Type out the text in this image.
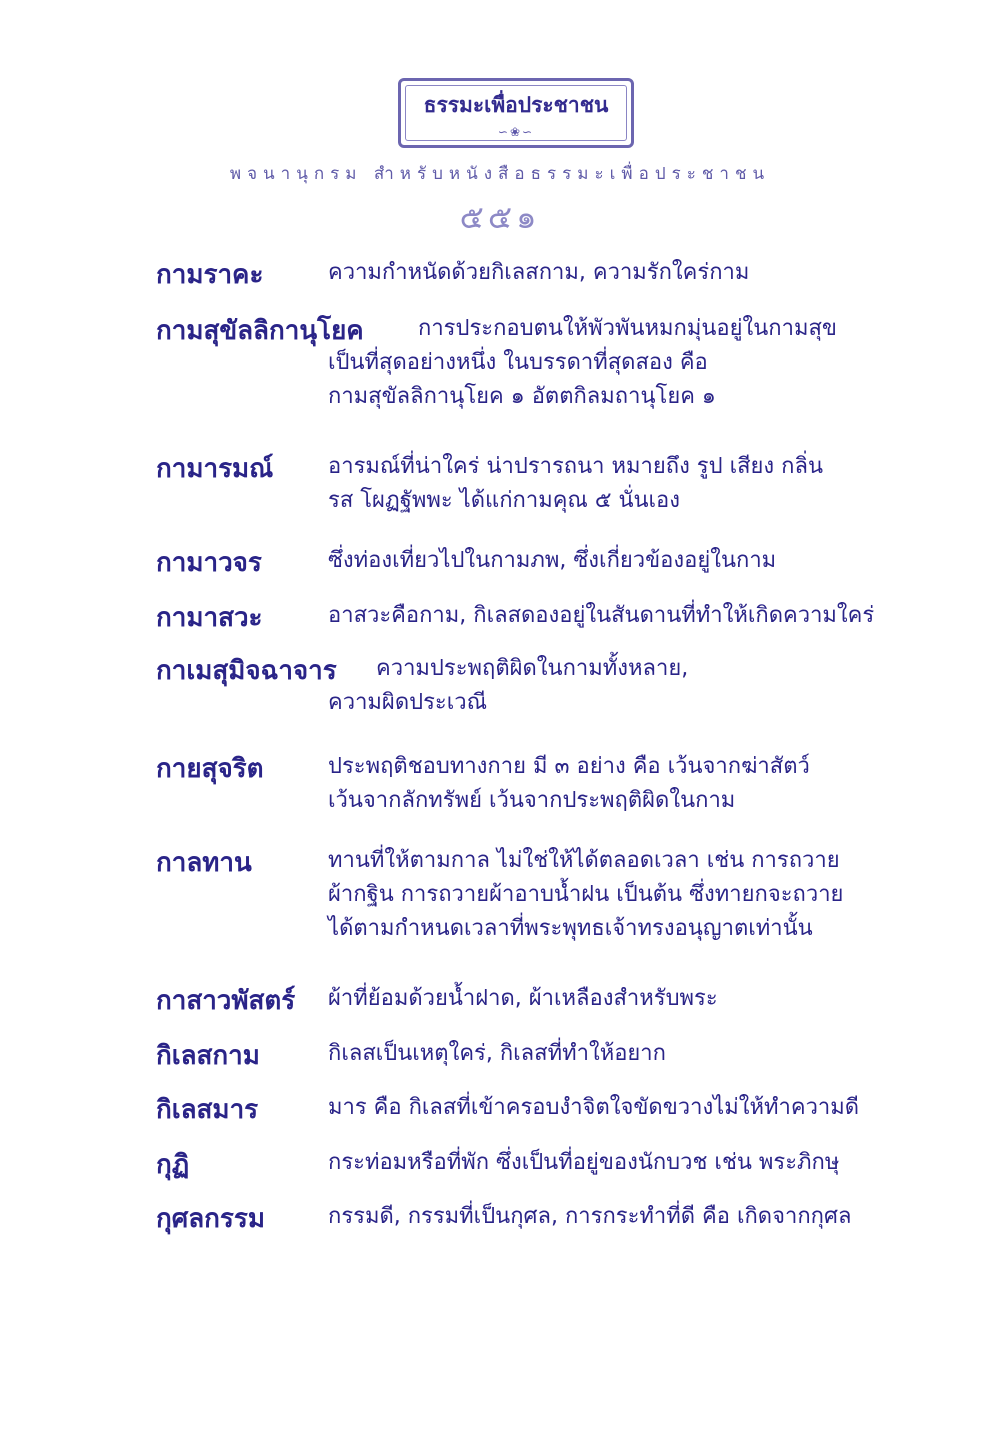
ธรรมะเพื่อประชาชน
∽❀∽
พจนานุกรม สำหรับหนังสือธรรมะเพื่อประชาชน
๕๕๑
กามราคะ	ความกำหนัดด้วยกิเลสกาม, ความรักใคร่กาม
กามสุขัลลิกานุโยค การประกอบตนให้พัวพันหมกมุ่นอยู่ในกามสุข
เป็นที่สุดอย่างหนึ่ง ในบรรดาที่สุดสอง คือ
กามสุขัลลิกานุโยค ๑ อัตตกิลมถานุโยค ๑
กามารมณ์ อารมณ์ที่น่าใคร่ น่าปรารถนา หมายถึง รูป เสียง กลิ่น
รส โผฏฐัพพะ ได้แก่กามคุณ ๕ นั่นเอง
กามาวจร	ซึ่งท่องเที่ยวไปในกามภพ, ซึ่งเกี่ยวข้องอยู่ในกาม
กามาสวะ	อาสวะคือกาม, กิเลสดองอยู่ในสันดานที่ทำให้เกิดความใคร่
กาเมสุมิจฉาจาร ความประพฤติผิดในกามทั้งหลาย,
ความผิดประเวณี
กายสุจริต	ประพฤติชอบทางกาย มี ๓ อย่าง คือ เว้นจากฆ่าสัตว์
เว้นจากลักทรัพย์ เว้นจากประพฤติผิดในกาม
กาลทาน	ทานที่ให้ตามกาล ไม่ใช่ให้ได้ตลอดเวลา เช่น การถวาย
ผ้ากฐิน การถวายผ้าอาบน้ำฝน เป็นต้น ซึ่งทายกจะถวาย
ได้ตามกำหนดเวลาที่พระพุทธเจ้าทรงอนุญาตเท่านั้น
กาสาวพัสตร์ ผ้าที่ย้อมด้วยน้ำฝาด, ผ้าเหลืองสำหรับพระ
กิเลสกาม	กิเลสเป็นเหตุใคร่, กิเลสที่ทำให้อยาก
กิเลสมาร	มาร คือ กิเลสที่เข้าครอบงำจิตใจขัดขวางไม่ให้ทำความดี
กุฏิ	กระท่อมหรือที่พัก ซึ่งเป็นที่อยู่ของนักบวช เช่น พระภิกษุ
กุศลกรรม	กรรมดี, กรรมที่เป็นกุศล, การกระทำที่ดี คือ เกิดจากกุศล
